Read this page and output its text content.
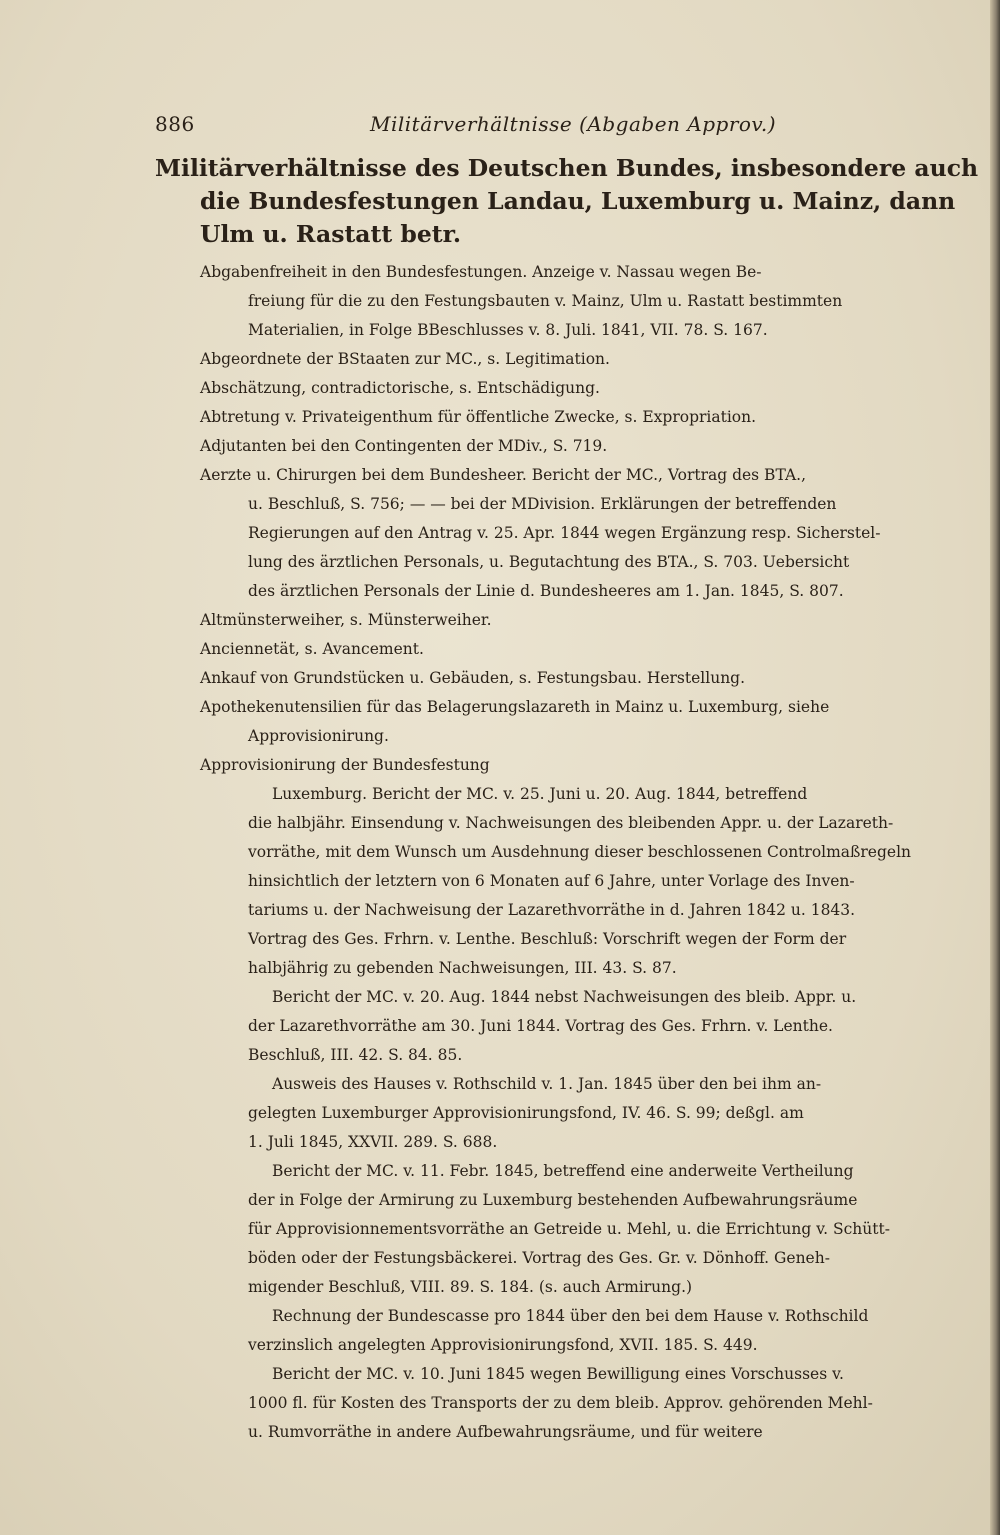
886	Militärverhältnisse (Abgaben Approv.)
Militärverhältnisse des Deutschen Bundes, insbesondere auch
die Bundesfestungen Landau, Luxemburg u. Mainz, dann
Ulm u. Rastatt betr.
Abgabenfreiheit in den Bundesfestungen. Anzeige v. Nassau wegen Be-
freiung für die zu den Festungsbauten v. Mainz, Ulm u. Rastatt bestimmten
Materialien, in Folge BBeschlusses v. 8. Juli. 1841, VII. 78. S. 167.
Abgeordnete der BStaaten zur MC., s. Legitimation.
Abschätzung, contradictorische, s. Entschädigung.
Abtretung v. Privateigenthum für öffentliche Zwecke, s. Expropriation.
Adjutanten bei den Contingenten der MDiv., S. 719.
Aerzte u. Chirurgen bei dem Bundesheer. Bericht der MC., Vortrag des BTA.,
u. Beschluß, S. 756; — — bei der MDivision. Erklärungen der betreffenden
Regierungen auf den Antrag v. 25. Apr. 1844 wegen Ergänzung resp. Sicherstel-
lung des ärztlichen Personals, u. Begutachtung des BTA., S. 703. Uebersicht
des ärztlichen Personals der Linie d. Bundesheeres am 1. Jan. 1845, S. 807.
Altmünsterweiher, s. Münsterweiher.
Anciennetät, s. Avancement.
Ankauf von Grundstücken u. Gebäuden, s. Festungsbau. Herstellung.
Apothekenutensilien für das Belagerungslazareth in Mainz u. Luxemburg, siehe
Approvisionirung.
Approvisionirung der Bundesfestung
Luxemburg. Bericht der MC. v. 25. Juni u. 20. Aug. 1844, betreffend
die halbjähr. Einsendung v. Nachweisungen des bleibenden Appr. u. der Lazareth-
vorräthe, mit dem Wunsch um Ausdehnung dieser beschlossenen Controlmaßregeln
hinsichtlich der letztern von 6 Monaten auf 6 Jahre, unter Vorlage des Inven-
tariums u. der Nachweisung der Lazarethvorräthe in d. Jahren 1842 u. 1843.
Vortrag des Ges. Frhrn. v. Lenthe. Beschluß: Vorschrift wegen der Form der
halbjährig zu gebenden Nachweisungen, III. 43. S. 87.
Bericht der MC. v. 20. Aug. 1844 nebst Nachweisungen des bleib. Appr. u.
der Lazarethvorräthe am 30. Juni 1844. Vortrag des Ges. Frhrn. v. Lenthe.
Beschluß, III. 42. S. 84. 85.
Ausweis des Hauses v. Rothschild v. 1. Jan. 1845 über den bei ihm an-
gelegten Luxemburger Approvisionirungsfond, IV. 46. S. 99; deßgl. am
1. Juli 1845, XXVII. 289. S. 688.
Bericht der MC. v. 11. Febr. 1845, betreffend eine anderweite Vertheilung
der in Folge der Armirung zu Luxemburg bestehenden Aufbewahrungsräume
für Approvisionnementsvorräthe an Getreide u. Mehl, u. die Errichtung v. Schütt-
böden oder der Festungsbäckerei. Vortrag des Ges. Gr. v. Dönhoff. Geneh-
migender Beschluß, VIII. 89. S. 184. (s. auch Armirung.)
Rechnung der Bundescasse pro 1844 über den bei dem Hause v. Rothschild
verzinslich angelegten Approvisionirungsfond, XVII. 185. S. 449.
Bericht der MC. v. 10. Juni 1845 wegen Bewilligung eines Vorschusses v.
1000 fl. für Kosten des Transports der zu dem bleib. Approv. gehörenden Mehl-
u. Rumvorräthe in andere Aufbewahrungsräume, und für weitere
